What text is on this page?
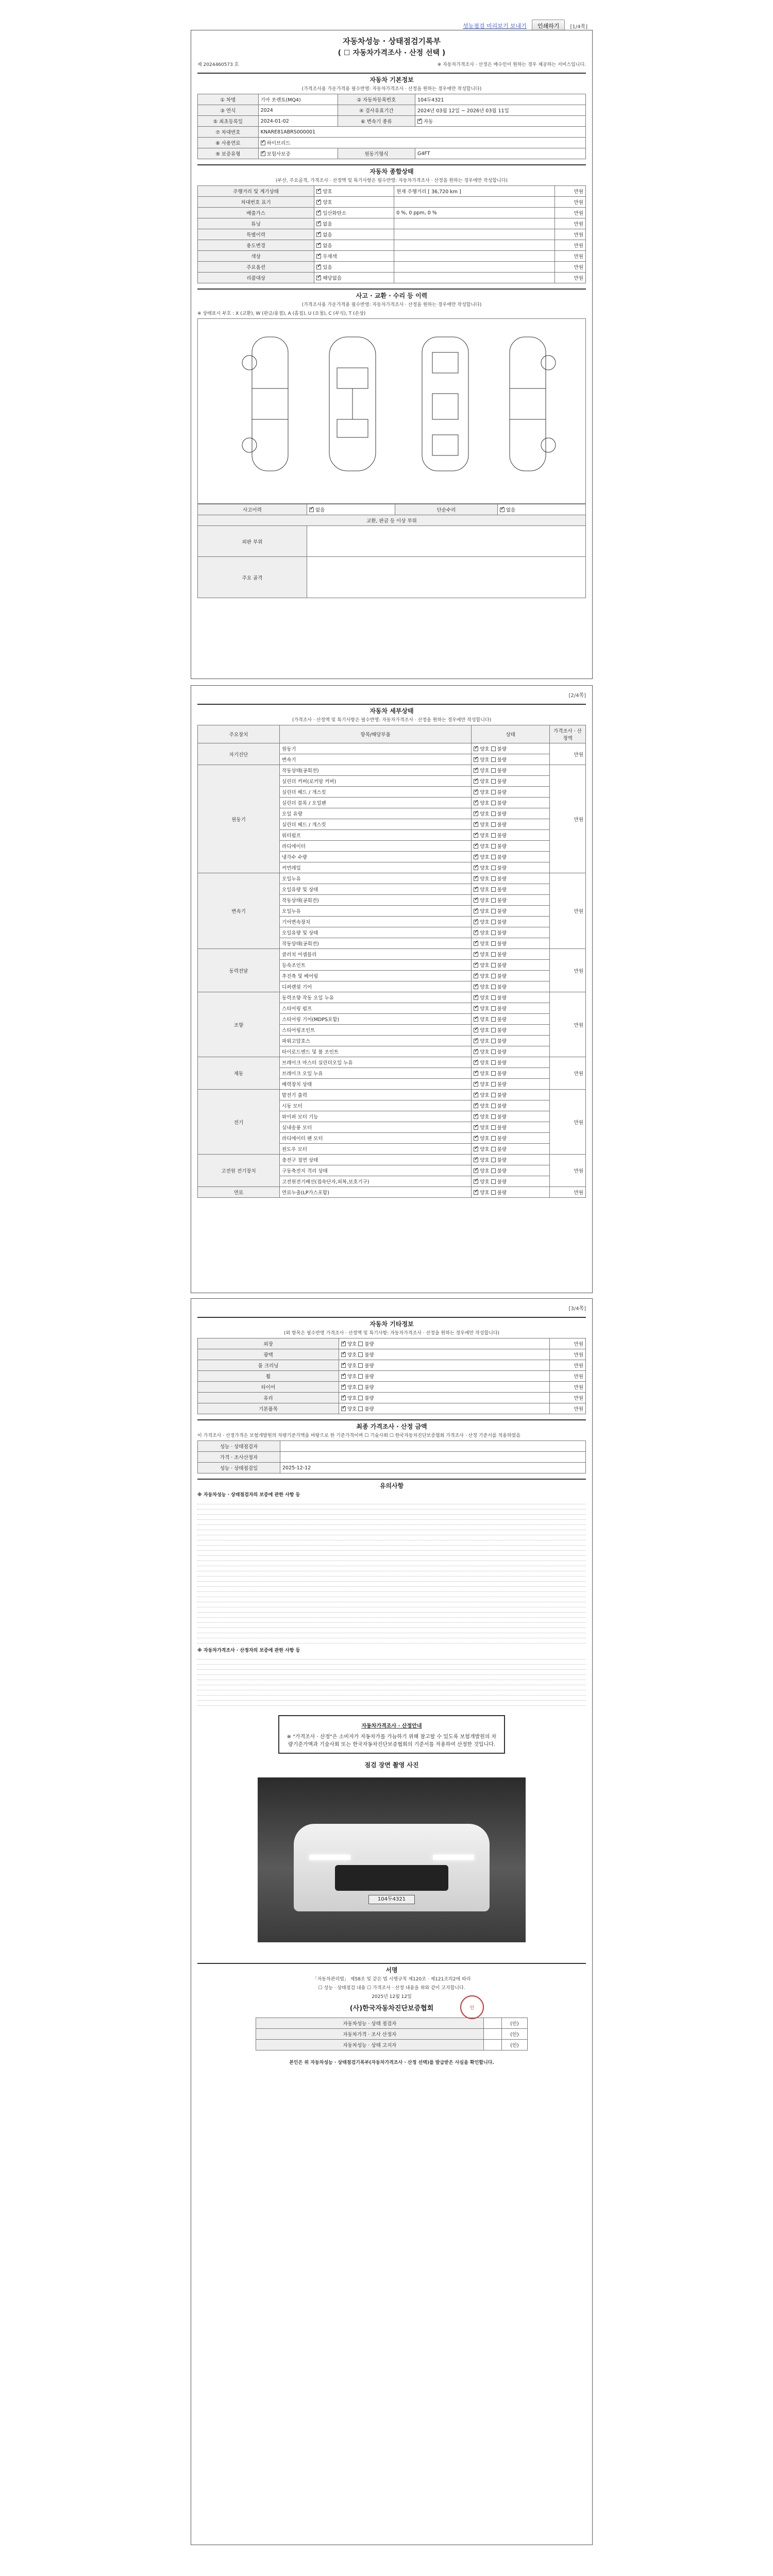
성능점검 미리보기 보내기	인쇄하기	[1/4쪽]
자동차성능 · 상태점검기록부
( ☐ 자동차가격조사 · 산정 선택 )
제 2024460573 호	※ 자동차가격조사 · 산정은 매수인이 원하는 경우 제공하는 서비스입니다.
자동차 기본정보
(가격조사용 가운가격용 필수반영: 자동차가격조사 · 산정을 원하는 경우에만 작성합니다)
① 차명	기아 쏘렌토(MQ4)	② 자동차등록번호	104두4321
③ 연식	2024	④ 검사유효기간	2024년 03월 12일 ~ 2026년 03월 11일
⑤ 최초등록일	2024-01-02	⑥ 변속기 종류	✓자동
⑦ 차대번호	KNARE81ABRS000001		
⑧ 사용연료	✓하이브리드
⑨ 보증유형	✓보험사보증	원동기형식	G4FT
자동차 종합상태
(부산, 주요골격, 가격조사 · 산정액 및 특기사항은 필수반영: 자동차가격조사 · 산정을 원하는 경우에만 작성합니다)
주행거리 및 계기상태	✓양호	현재 주행거리 [ 36,720 km ]	만원
차대번호 표기	✓양호		만원
배출가스	✓일산화탄소	0 %, 0 ppm, 0 %	만원
튜닝	✓없음		만원
특별이력	✓없음		만원
용도변경	✓없음		만원
색상	✓무채색		만원
주요옵션	✓있음		만원
리콜대상	✓해당없음		만원
사고 · 교환 · 수리 등 이력
(가격조사용 가운가격용 필수반영: 자동차가격조사 · 산정을 원하는 경우에만 작성합니다)
※ 상태표시 부호 : X (교환), W (판금/용접), A (흠집), U (요철), C (부식), T (손상)
사고이력	✓없음	단순수리	✓없음
교환, 판금 등 이상 부위			
외판 부위			
주요 골격			
[2/4쪽]
자동차 세부상태
(가격조사 · 산정액 및 특기사항은 필수반영: 자동차가격조사 · 산정을 원하는 경우에만 작성합니다)
주요장치	항목/해당부품	상태	가격조사 · 산정액
자기진단	원동기	✓양호 불량	만원
	변속기	✓양호 불량
원동기	작동상태(공회전)	✓양호 불량	만원
	실린더 커버(로커암 커버)	✓양호 불량
	실린더 헤드 / 개스킷	✓양호 불량
	실린더 블록 / 오일팬	✓양호 불량
	오일 유량	✓양호 불량
	실린더 헤드 / 개스킷	✓양호 불량
	워터펌프	✓양호 불량
	라디에이터	✓양호 불량
	냉각수 수량	✓양호 불량
	커먼레일	✓양호 불량
변속기	오일누유	✓양호 불량	만원
	오일유량 및 상태	✓양호 불량
	작동상태(공회전)	✓양호 불량
	오일누유	✓양호 불량
	기어변속장치	✓양호 불량
	오일유량 및 상태	✓양호 불량
	작동상태(공회전)	✓양호 불량
동력전달	클러치 어셈블리	✓양호 불량	만원
	등속조인트	✓양호 불량
	추진축 및 베어링	✓양호 불량
	디퍼렌셜 기어	✓양호 불량
조향	동력조향 작동 오일 누유	✓양호 불량	만원
	스티어링 펌프	✓양호 불량
	스티어링 기어(MDPS포함)	✓양호 불량
	스티어링조인트	✓양호 불량
	파워고압호스	✓양호 불량
	타이로드엔드 및 볼 조인트	✓양호 불량
제동	브레이크 마스터 실린더오일 누유	✓양호 불량	만원
	브레이크 오일 누유	✓양호 불량
	배력장치 상태	✓양호 불량
전기	발전기 출력	✓양호 불량	만원
	시동 모터	✓양호 불량
	와이퍼 모터 기능	✓양호 불량
	실내송풍 모터	✓양호 불량
	라디에이터 팬 모터	✓양호 불량
	윈도우 모터	✓양호 불량
고전원 전기장치	충전구 절연 상태	✓양호 불량	만원
	구동축전지 격리 상태	✓양호 불량
	고전원전기배선(접속단자,피복,보호기구)	✓양호 불량
연료	연료누출(LP가스포함)	✓양호 불량	만원
[3/4쪽]
자동차 기타정보
(외 항목은 필수반영 가격조사 · 산정액 및 특기사항: 자동차가격조사 · 산정을 원하는 경우에만 작성합니다)
외장	✓양호 불량	만원
광택	✓양호 불량	만원
룸 크리닝	✓양호 불량	만원
휠	✓양호 불량	만원
타이어	✓양호 불량	만원
유리	✓양호 불량	만원
기본품목	✓양호 불량	만원
최종 가격조사 · 산정 금액
이 가격조사 · 산정가격은 보험개발원의 차량기준가액을 바탕으로 한 기준가격이며 ☐ 기술사회 ☐ 한국자동차진단보증협회 가격조사 · 산정 기준서를 적용하였음
성능 · 상태점검자	
가격 · 조사산정자	
성능 · 상태점검일	2025-12-12
유의사항
※ 자동차성능 · 상태점검자의 보증에 관한 사항 등
※ 자동차가격조사 · 산정자의 보증에 관한 사항 등
자동차가격조사 · 산정안내
※ "가격조사 · 산정"은 소비자가 자동차가를 가늠하기 위해 참고할 수 있도록 보험개발원의 차량기준가액과 기술사회 또는 한국자동차진단보증협회의 기준서를 적용하여 산정한 것입니다.
점검 장면 촬영 사진
104두4321
서명
「자동차관리법」 제58조 및 같은 법 시행규칙 제120조 · 제121조의2에 따라
☐ 성능 · 상태점검 내용 ☐ 가격조사 · 산정 내용을 위와 같이 고지합니다.
2025년 12월 12일
(사)한국자동차진단보증협회	인
자동차성능 · 상태 점검자		(인)
자동차가격 · 조사 산정자		(인)
자동차성능 · 상태 고지자		(인)
본인은 위 자동차성능 · 상태점검기록부(자동차가격조사 · 산정 선택)를 발급받은 사실을 확인합니다.
